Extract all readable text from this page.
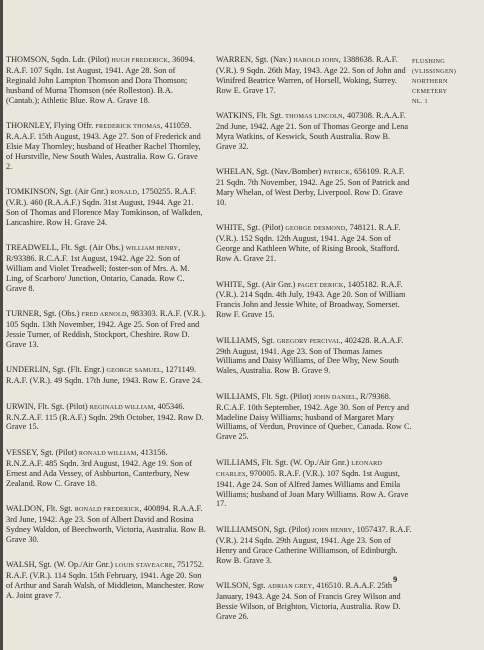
THOMSON, Sqdn. Ldr. (Pilot) HUGH FREDERICK, 36094. R.A.F. 107 Sqdn. 1st August, 1941. Age 28. Son of Reginald John Lampton Thomson and Dora Thomson; husband of Murna Thomson (née Rolleston). B.A.(Cantab.); Athletic Blue. Row A. Grave 18.

THORNLEY, Flying Offr. FREDERICK THOMAS, 411059. R.A.A.F. 15th August, 1943. Age 27. Son of Frederick and Elsie May Thornley; husband of Heather Rachel Thornley, of Hurstville, New South Wales, Australia. Row G. Grave 2.

TOMKINSON, Sgt. (Air Gnr.) RONALD, 1750255. R.A.F. (V.R.). 460 (R.A.A.F.) Sqdn. 31st August, 1944. Age 21. Son of Thomas and Florence May Tomkinson, of Walkden, Lancashire. Row H. Grave 24.

TREADWELL, Flt. Sgt. (Air Obs.) WILLIAM HENRY, R/93386. R.C.A.F. 1st August, 1942. Age 22. Son of William and Violet Treadwell; foster-son of Mrs. A. M. Ling, of Scarboro' Junction, Ontario, Canada. Row C. Grave 8.

TURNER, Sgt. (Obs.) FRED ARNOLD, 983303. R.A.F. (V.R.). 105 Sqdn. 13th November, 1942. Age 25. Son of Fred and Jessie Turner, of Reddish, Stockport, Cheshire. Row D. Grave 13.

UNDERLIN, Sgt. (Flt. Engr.) GEORGE SAMUEL, 1271149. R.A.F. (V.R.). 49 Sqdn. 17th June, 1943. Row E. Grave 24.

URWIN, Flt. Sgt. (Pilot) REGINALD WILLIAM, 405346. R.N.Z.A.F. 115 (R.A.F.) Sqdn. 29th October, 1942. Row D. Grave 15.

VESSEY, Sgt. (Pilot) RONALD WILLIAM, 413156. R.N.Z.A.F. 485 Sqdn. 3rd August, 1942. Age 19. Son of Ernest and Ada Vessey, of Ashburton, Canterbury, New Zealand. Row C. Grave 18.

WALDON, Flt. Sgt. RONALD FREDERICK, 400894. R.A.A.F. 3rd June, 1942. Age 23. Son of Albert David and Rosina Sydney Waldon, of Beechworth, Victoria, Australia. Row B. Grave 30.

WALSH, Sgt. (W. Op./Air Gnr.) LOUIS STAVEACRE, 751752. R.A.F. (V.R.). 114 Sqdn. 15th February, 1941. Age 20. Son of Arthur and Sarah Walsh, of Middleton, Manchester. Row A. Joint grave 7.

WARREN, Sgt. (Nav.) HAROLD JOHN, 1388638. R.A.F. (V.R.). 9 Sqdn. 26th May, 1943. Age 22. Son of John and Winifred Beatrice Warren, of Horsell, Woking, Surrey. Row E. Grave 17.

WATKINS, Flt. Sgt. THOMAS LINCOLN, 407308. R.A.A.F. 2nd June, 1942. Age 21. Son of Thomas George and Lena Myra Watkins, of Keswick, South Australia. Row B. Grave 32.

WHELAN, Sgt. (Nav./Bomber) PATRICK, 656109. R.A.F. 21 Sqdn. 7th November, 1942. Age 25. Son of Patrick and Mary Whelan, of West Derby, Liverpool. Row D. Grave 10.

WHITE, Sgt. (Pilot) GEORGE DESMOND, 748121. R.A.F. (V.R.). 152 Sqdn. 12th August, 1941. Age 24. Son of George and Kathleen White, of Rising Brook, Stafford. Row A. Grave 21.

WHITE, Sgt. (Air Gnr.) PAGET DERICK, 1405182. R.A.F. (V.R.). 214 Sqdn. 4th July, 1943. Age 20. Son of William Francis John and Jessie White, of Broadway, Somerset. Row F. Grave 15.

WILLIAMS, Sgt. GREGORY PERCIVAL, 402428. R.A.A.F. 29th August, 1941. Age 23. Son of Thomas James Williams and Daisy Williams, of Dee Why, New South Wales, Australia. Row B. Grave 9.

WILLIAMS, Flt. Sgt. (Pilot) JOHN DANIEL, R/79368. R.C.A.F. 10th September, 1942. Age 30. Son of Percy and Madeline Daisy Williams; husband of Margaret Mary Williams, of Verdun, Province of Quebec, Canada. Row C. Grave 25.

WILLIAMS, Flt. Sgt. (W. Op./Air Gnr.) LEONARD CHARLES, 970005. R.A.F. (V.R.). 107 Sqdn. 1st August, 1941. Age 24. Son of Alfred James Williams and Emila Williams; husband of Joan Mary Williams. Row A. Grave 17.

WILLIAMSON, Sgt. (Pilot) JOHN HENRY, 1057437. R.A.F. (V.R.). 214 Sqdn. 29th August, 1941. Age 23. Son of Henry and Grace Catherine Williamson, of Edinburgh. Row B. Grave 3.

WILSON, Sgt. ADRIAN GREY, 416510. R.A.A.F. 25th January, 1943. Age 24. Son of Francis Grey Wilson and Bessie Wilson, of Brighton, Victoria, Australia. Row D. Grave 26.

FLUSHING
(VLISSINGEN)
NORTHERN
CEMETERY
NL. 1
9
